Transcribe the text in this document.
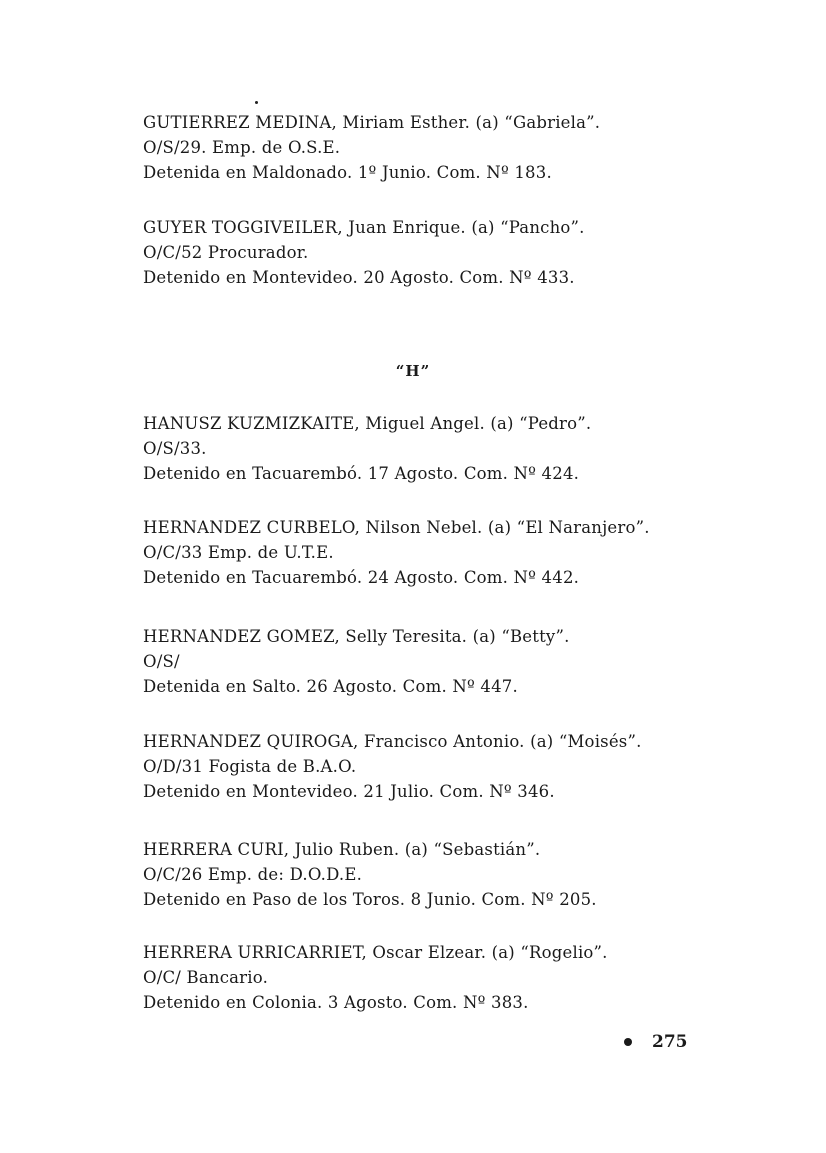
GUTIERREZ MEDINA, Miriam Esther. (a) “Gabriela”.
O/S/29. Emp. de O.S.E.
Detenida en Maldonado. 1º Junio. Com. Nº 183.
GUYER TOGGIVEILER, Juan Enrique. (a) “Pancho”.
O/C/52 Procurador.
Detenido en Montevideo. 20 Agosto. Com. Nº 433.
“H”
HANUSZ KUZMIZKAITE, Miguel Angel. (a) “Pedro”.
O/S/33.
Detenido en Tacuarembó. 17 Agosto. Com. Nº 424.
HERNANDEZ CURBELO, Nilson Nebel. (a) “El Naranjero”.
O/C/33 Emp. de U.T.E.
Detenido en Tacuarembó. 24 Agosto. Com. Nº 442.
HERNANDEZ GOMEZ, Selly Teresita. (a) “Betty”.
O/S/
Detenida en Salto. 26 Agosto. Com. Nº 447.
HERNANDEZ QUIROGA, Francisco Antonio. (a) “Moisés”.
O/D/31 Fogista de B.A.O.
Detenido en Montevideo. 21 Julio. Com. Nº 346.
HERRERA CURI, Julio Ruben. (a) “Sebastián”.
O/C/26 Emp. de: D.O.D.E.
Detenido en Paso de los Toros. 8 Junio. Com. Nº 205.
HERRERA URRICARRIET, Oscar Elzear. (a) “Rogelio”.
O/C/ Bancario.
Detenido en Colonia. 3 Agosto. Com. Nº 383.
275
